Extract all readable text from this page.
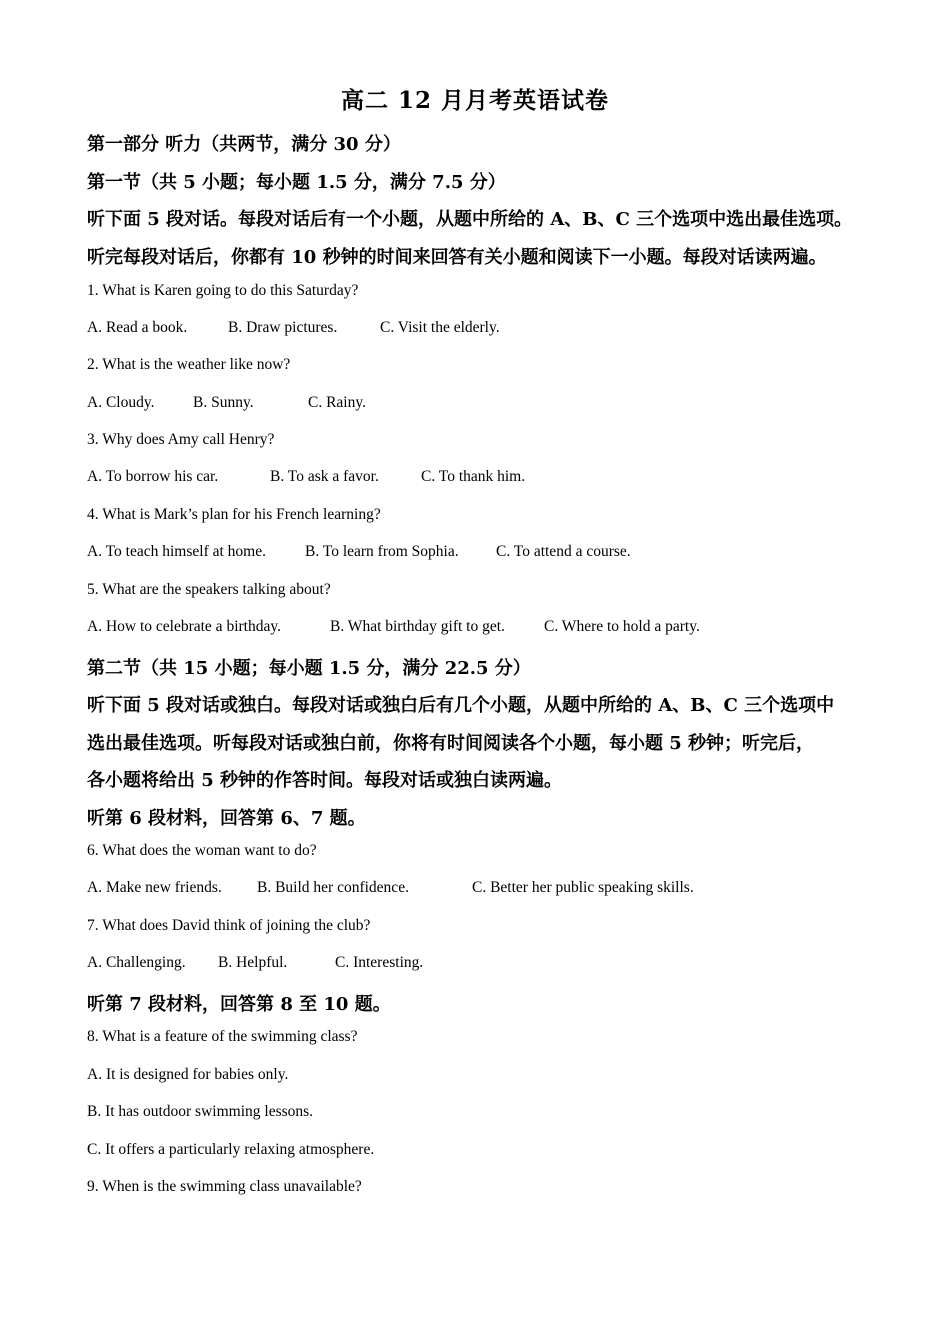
高二 12 月月考英语试卷
第一部分 听力（共两节，满分 30 分）
第一节（共 5 小题；每小题 1.5 分，满分 7.5 分）
听下面 5 段对话。每段对话后有一个小题，从题中所给的 A、B、C 三个选项中选出最佳选项。
听完每段对话后，你都有 10 秒钟的时间来回答有关小题和阅读下一小题。每段对话读两遍。
1. What is Karen going to do this Saturday?
A. Read a book.	B. Draw pictures.	C. Visit the elderly.
2. What is the weather like now?
A. Cloudy. B. Sunny.	C. Rainy.
3. Why does Amy call Henry?
A. To borrow his car.	B. To ask a favor.	C. To thank him.
4. What is Mark’s plan for his French learning?
A. To teach himself at home.	B. To learn from Sophia. C. To attend a course.
5. What are the speakers talking about?
A. How to celebrate a birthday.	B. What birthday gift to get.	C. Where to hold a party.
第二节（共 15 小题；每小题 1.5 分，满分 22.5 分）
听下面 5 段对话或独白。每段对话或独白后有几个小题，从题中所给的 A、B、C 三个选项中
选出最佳选项。听每段对话或独白前，你将有时间阅读各个小题，每小题 5 秒钟；听完后，
各小题将给出 5 秒钟的作答时间。每段对话或独白读两遍。
听第 6 段材料，回答第 6、7 题。
6. What does the woman want to do?
A. Make new friends. B. Build her confidence.	C. Better her public speaking skills.
7. What does David think of joining the club?
A. Challenging. B. Helpful.	C. Interesting.
听第 7 段材料，回答第 8 至 10 题。
8. What is a feature of the swimming class?
A. It is designed for babies only.
B. It has outdoor swimming lessons.
C. It offers a particularly relaxing atmosphere.
9. When is the swimming class unavailable?
